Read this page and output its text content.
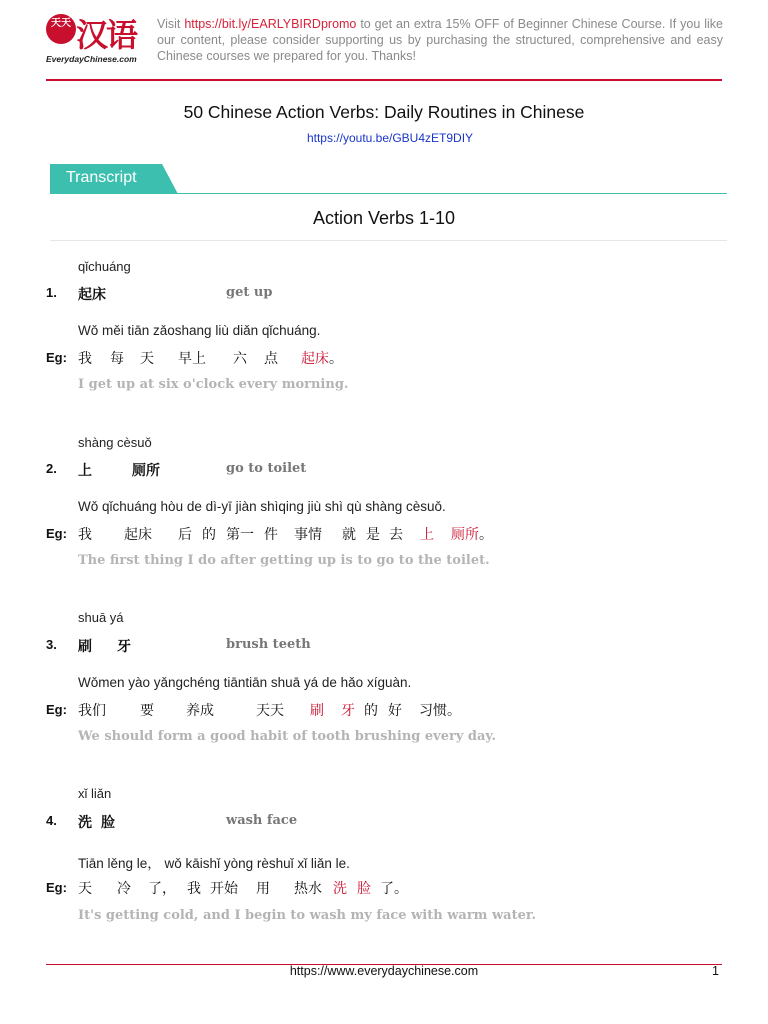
天天 汉语
EverydayChinese.com
Visit https://bit.ly/EARLYBIRDpromo to get an extra 15% OFF of Beginner Chinese Course. If you like our content, please consider supporting us by purchasing the structured, comprehensive and easy Chinese courses we prepared for you. Thanks!
50 Chinese Action Verbs: Daily Routines in Chinese
https://youtu.be/GBU4zET9DIY
Transcript
Action Verbs 1-10
qǐchuáng
1. 起床	get up
Wǒ měi tiān zǎoshang liù diǎn qǐchuáng.
Eg: 我 每 天 早上 六 点 起床 。
I get up at six o'clock every morning.
shàng cèsuǒ
2. 上	厕所	go to toilet
Wǒ qǐchuáng hòu de dì-yī jiàn shìqing jiù shì qù shàng cèsuǒ.
Eg: 我 起床 后 的 第一 件 事情 就 是 去 上 厕所 。
The first thing I do after getting up is to go to the toilet.
shuā yá
3. 刷 牙	brush teeth
Wǒmen yào yǎngchéng tiāntiān shuā yá de hǎo xíguàn.
Eg: 我们 要 养成	天天 刷 牙 的 好 习惯。
We should form a good habit of tooth brushing every day.
xǐ liǎn
4. 洗 脸	wash face
Tiān lěng le， wǒ kāishǐ yòng rèshuǐ xǐ liǎn le.
Eg: 天 冷 了， 我 开始 用 热水 洗 脸 了。
It's getting cold, and I begin to wash my face with warm water.
https://www.everydaychinese.com	1
